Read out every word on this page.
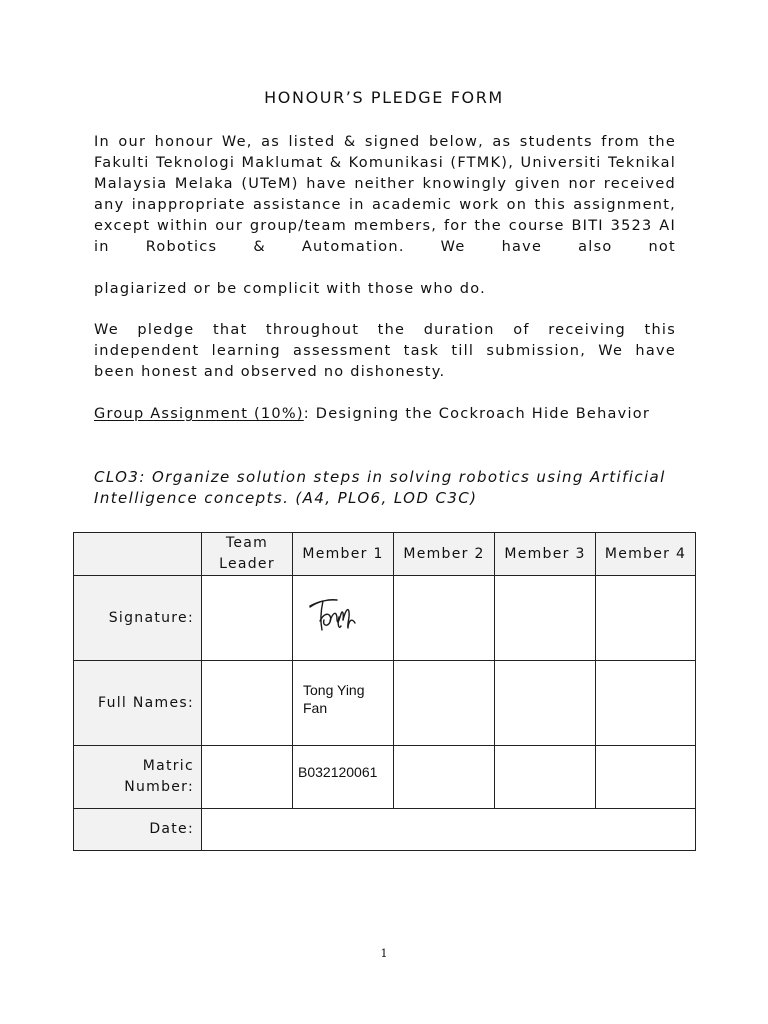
HONOUR’S PLEDGE FORM

In our honour We, as listed & signed below, as students from the Fakulti Teknologi Maklumat & Komunikasi (FTMK), Universiti Teknikal Malaysia Melaka (UTeM) have neither knowingly given nor received any inappropriate assistance in academic work on this assignment, except within our group/team members, for the course BITI 3523 AI in Robotics & Automation. We have also not

plagiarized or be complicit with those who do.

We pledge that throughout the duration of receiving this independent learning assessment task till submission, We have been honest and observed no dishonesty.

Group Assignment (10%): Designing the Cockroach Hide Behavior

CLO3: Organize solution steps in solving robotics using Artificial Intelligence concepts. (A4, PLO6, LOD C3C)

	Team Leader	Member 1	Member 2	Member 3	Member 4
Signature:		

Full Names:		Tong Ying Fan			

Matric Number:		B032120061			

Date:					
1
